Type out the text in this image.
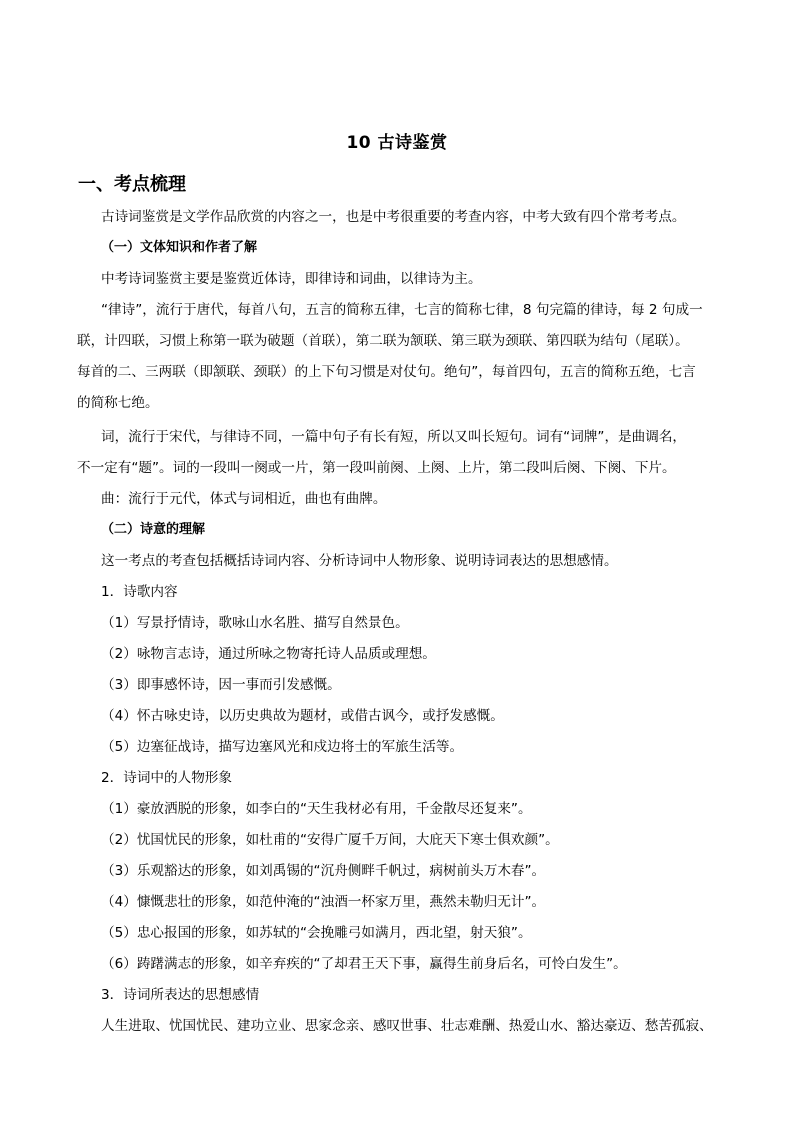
10 古诗鉴赏
一、考点梳理
古诗词鉴赏是文学作品欣赏的内容之一，也是中考很重要的考查内容，中考大致有四个常考考点。
（一）文体知识和作者了解
中考诗词鉴赏主要是鉴赏近体诗，即律诗和词曲，以律诗为主。
“律诗”，流行于唐代，每首八句，五言的简称五律，七言的简称七律，8 句完篇的律诗，每 2 句成一
联，计四联，习惯上称第一联为破题（首联），第二联为颔联、第三联为颈联、第四联为结句（尾联）。
每首的二、三两联（即颔联、颈联）的上下句习惯是对仗句。绝句”，每首四句，五言的简称五绝，七言
的简称七绝。
词，流行于宋代，与律诗不同，一篇中句子有长有短，所以又叫长短句。词有“词牌”，是曲调名，
不一定有“题”。词的一段叫一阕或一片，第一段叫前阕、上阕、上片，第二段叫后阕、下阕、下片。
曲：流行于元代，体式与词相近，曲也有曲牌。
（二）诗意的理解
这一考点的考查包括概括诗词内容、分析诗词中人物形象、说明诗词表达的思想感情。
1．诗歌内容
（1）写景抒情诗，歌咏山水名胜、描写自然景色。
（2）咏物言志诗，通过所咏之物寄托诗人品质或理想。
（3）即事感怀诗，因一事而引发感慨。
（4）怀古咏史诗，以历史典故为题材，或借古讽今，或抒发感慨。
（5）边塞征战诗，描写边塞风光和戍边将士的军旅生活等。
2．诗词中的人物形象
（1）豪放洒脱的形象，如李白的“天生我材必有用，千金散尽还复来”。
（2）忧国忧民的形象，如杜甫的“安得广厦千万间，大庇天下寒士俱欢颜”。
（3）乐观豁达的形象，如刘禹锡的“沉舟侧畔千帆过，病树前头万木春”。
（4）慷慨悲壮的形象，如范仲淹的“浊酒一杯家万里，燕然未勒归无计”。
（5）忠心报国的形象，如苏轼的“会挽雕弓如满月，西北望，射天狼”。
（6）踌躇满志的形象，如辛弃疾的“了却君王天下事，赢得生前身后名，可怜白发生”。
3．诗词所表达的思想感情
人生进取、忧国忧民、建功立业、思家念亲、感叹世事、壮志难酬、热爱山水、豁达豪迈、愁苦孤寂、
